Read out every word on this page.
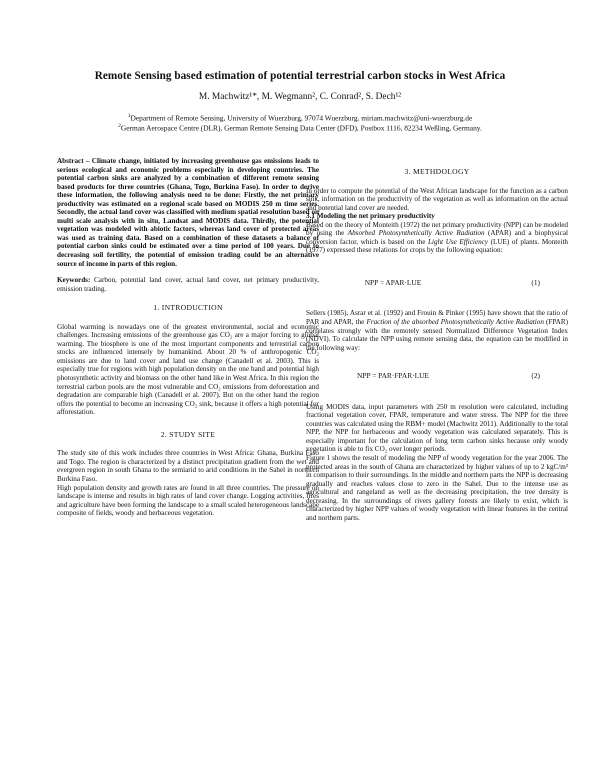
Remote Sensing based estimation of potential terrestrial carbon stocks in West Africa
M. Machwitz¹*, M. Wegmann², C. Conrad², S. Dech¹²
$^1$Department of Remote Sensing, University of Wuerzburg, 97074 Wuerzburg. miriam.machwitz@uni-wuerzburg.de
$^2$German Aerospace Centre (DLR), German Remote Sensing Data Center (DFD), Postbox 1116, 82234 Weßling, Germany.

Abstract – Climate change, initiated by increasing greenhouse gas emissions leads to serious ecological and economic problems especially in developing countries. The potential carbon sinks are analyzed by a combination of different remote sensing based products for three countries (Ghana, Togo, Burkina Faso). In order to derive these information, the following analysis need to be done: Firstly, the net primary productivity was estimated on a regional scale based on MODIS 250 m time series. Secondly, the actual land cover was classified with medium spatial resolution based on multi scale analysis with in situ, Landsat and MODIS data. Thirdly, the potential vegetation was modeled with abiotic factors, whereas land cover of protected areas was used as training data. Based on a combination of these datasets a balance of potential carbon sinks could be estimated over a time period of 100 years. Due to decreasing soil fertility, the potential of emission trading could be an alternative source of income in parts of this region.

Keywords: Carbon, potential land cover, actual land cover, net primary productivity, emission trading.

1. INTRODUCTION

Global warming is nowadays one of the greatest environmental, social and economic challenges. Increasing emissions of the greenhouse gas CO₂ are a major forcing to global warming. The biosphere is one of the most important components and terrestrial carbon stocks are influenced intensely by humankind. About 20 % of anthropogenic CO₂ emissions are due to land cover and land use change (Canadell et al. 2003). This is especially true for regions with high population density on the one hand and potential high photosynthetic activity and biomass on the other hand like in West Africa. In this region the terrestrial carbon pools are the most vulnerable and CO₂ emissions from deforestation and degradation are comparable high (Canadell et al. 2007). But on the other hand the region offers the potential to become an increasing CO₂ sink, because it offers a high potential for afforestation.

2. STUDY SITE

The study site of this work includes three countries in West Africa: Ghana, Burkina Faso and Togo. The region is characterized by a distinct precipitation gradient from the wet and evergreen region in south Ghana to the semiarid to arid conditions in the Sahel in northern Burkina Faso.

High population density and growth rates are found in all three countries. The pressure on landscape is intense and results in high rates of land cover change. Logging activities, fires and agriculture have been forming the landscape to a small scaled heterogeneous landscape composite of fields, woody and herbaceous vegetation.

3. METHDOLOGY

In order to compute the potential of the West African landscape for the function as a carbon sink, information on the productivity of the vegetation as well as information on the actual and potential land cover are needed.

3.1 Modeling the net primary productivity

Based on the theory of Monteith (1972) the net primary productivity (NPP) can be modeled by using the Absorbed Photosynthetically Active Radiation (APAR) and a biophysical conversion factor, which is based on the Light Use Efficiency (LUE) of plants. Monteith (1977) expressed these relations for crops by the following equation:

NPP = APAR·LUE	(1)

Sellers (1985), Asrar et al. (1992) and Frouin & Pinker (1995) have shown that the ratio of PAR and APAR, the Fraction of the absorbed Photosynthetically Active Radiation (FPAR) correlates strongly with the remotely sensed Normalized Difference Vegetation Index (NDVI). To calculate the NPP using remote sensing data, the equation can be modified in the following way:

NPP = PAR·FPAR·LUE	(2)

Using MODIS data, input parameters with 250 m resolution were calculated, including fractional vegetation cover, FPAR, temperature and water stress. The NPP for the three countries was calculated using the RBM+ model (Machwitz 2011). Additionally to the total NPP, the NPP for herbaceous and woody vegetation was calculated separately. This is especially important for the calculation of long term carbon sinks because only woody vegetation is able to fix CO₂ over longer periods.

Figure 1 shows the result of modeling the NPP of woody vegetation for the year 2006. The protected areas in the south of Ghana are characterized by higher values of up to 2 kgC/m² in comparison to their surroundings. In the middle and northern parts the NPP is decreasing gradually and reaches values close to zero in the Sahel. Due to the intense use as agricultural and rangeland as well as the decreasing precipitation, the tree density is decreasing. In the surroundings of rivers gallery forests are likely to exist, which is characterized by higher NPP values of woody vegetation with linear features in the central and northern parts.
